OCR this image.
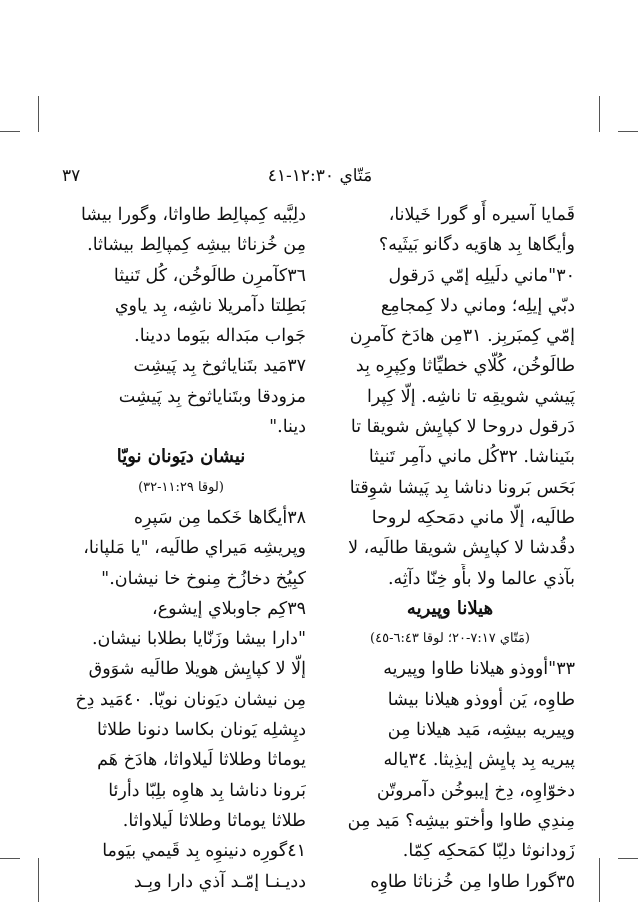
٣٧	مَتّاي ١٢:٣٠-٤١
قَمايا آسيره أَو گورا خَيلانا،
وأيگاها بِد هاوَيه دگانو بَيثَيه؟
٣٠"ماني دلَيلِه إمّي دَرقول
دبّي إيلِه؛ وماني دلا كِمجامِع
إمّي كِمبَربِز. ٣١مِن هادَخ كآمرِن
طالَوخُن، كُلّاي خطيِّاثا وكِپرِه بِد
پَيشي شويقِه تا ناشِه. إلّا كِپرا
دَرقول دروحا لا كپايِش شويقا تا
بنَيناشا. ٣٢كُل ماني دآمِر تَنيثا
بَحَس بَرونا دناشا بِد پَيشا شوِقتا
طالَيه، إلّا ماني دمَحكِه لروحا
دقُدشا لا كپايِش شويقا طالَيه، لا
بآذي عالما ولا بأَو خِنّا دآثِه.
هيلانا وپيريه
(مَتّاي ٧:١٧-٢٠؛ لوقا ٦:٤٣-٤٥)
٣٣"أووذو هيلانا طاوا وپيريه
طاوِه، يَن أووذو هيلانا بيشا
وپيريه بيشِه، مَيد هيلانا مِن
پيريه بِد پايِش إيذِيثا. ٣٤ياله
دخوّاوِه، دِخ إيبوخُن دآمروتّن
مِندِي طاوا وأختو بيشِه؟ مَيد مِن
زَودانوثا دلِبّا كمَحكِه كِمّا.
٣٥گورا طاوا مِن خُزناثا طاوِه
دلِبَّيه كِمپالِط طاواثا، وگورا بيشا
مِن خُزناثا بيشِه كِمپالِط بيشاثا.
٣٦كآمرِن طالَوخُن، كُل تَنيثا
بَطِلتا دآمريلا ناشِه، بِد ياوي
جَواب مبَداله بيَوما ددينا.
٣٧مَيد بتَناياثوخ بِد پَيشِت
مزودقا وبتَناياثوخ بِد پَيشِت
دينا."
نيشان ديَونان نويّا
(لوقا ١١:٢٩-٣٢)
٣٨أيگاها خَكما مِن سَپرِه
وپريشِه مَيراي طالَيه، "يا مَلپانا،
كبِيُخ دخازُخ مِنوخ خا نيشان."
٣٩كِم جاوبلاي إيشوع،
"دارا بيشا وزَنّايا بطلابا نيشان.
إلّا لا كپايِش هويلا طالَيه شوَوق
مِن نيشان ديَونان نويّا. ٤٠مَيد دِخ
دپِشلِه يَونان بكاسا دنونا طلاثا
يوماثا وطلاثا لَيلاواثا، هادَخ هَم
بَرونا دناشا بِد هاوِه بلِبّا دأرئا
طلاثا يوماثا وطلاثا لَيلاواثا.
٤١گورِه دنينوِه بِد قَيمي بيَوما
دديـنـا إمّـد آذي دارا وبِـد
